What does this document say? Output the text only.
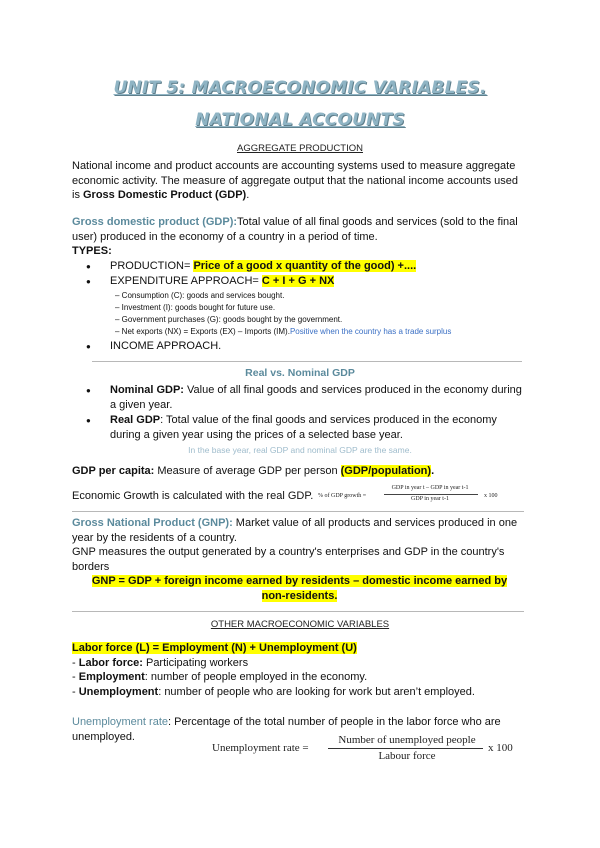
UNIT 5: MACROECONOMIC VARIABLES.
NATIONAL ACCOUNTS
AGGREGATE PRODUCTION
National income and product accounts are accounting systems used to measure aggregate
economic activity. The measure of aggregate output that the national income accounts used
is Gross Domestic Product (GDP).
Gross domestic product (GDP):Total value of all final goods and services (sold to the final
user) produced in the economy of a country in a period of time.
TYPES:
● PRODUCTION= Price of a good x quantity of the good) +....
● EXPENDITURE APPROACH= C + I + G + NX
– Consumption (C): goods and services bought.
– Investment (I): goods bought for future use.
– Government purchases (G): goods bought by the government.
– Net exports (NX) = Exports (EX) – Imports (IM).Positive when the country has a trade surplus
● INCOME APPROACH.
Real vs. Nominal GDP
● Nominal GDP: Value of all final goods and services produced in the economy during
a given year.
● Real GDP: Total value of the final goods and services produced in the economy
during a given year using the prices of a selected base year.
In the base year, real GDP and nominal GDP are the same.
GDP per capita: Measure of average GDP per person (GDP/population).
Economic Growth is calculated with the real GDP. % of GDP growth =
GDP in year t – GDP in year t-1
GDP in year t-1	x 100
Gross National Product (GNP): Market value of all products and services produced in one
year by the residents of a country.
GNP measures the output generated by a country's enterprises and GDP in the country's
borders
GNP = GDP + foreign income earned by residents – domestic income earned by
non-residents.
OTHER MACROECONOMIC VARIABLES
Labor force (L) = Employment (N) + Unemployment (U)
- Labor force: Participating workers
- Employment: number of people employed in the economy.
- Unemployment: number of people who are looking for work but aren’t employed.
Unemployment rate: Percentage of the total number of people in the labor force who are
unemployed.
Unemployment rate =
Number of unemployed people
Labour force
x 100
